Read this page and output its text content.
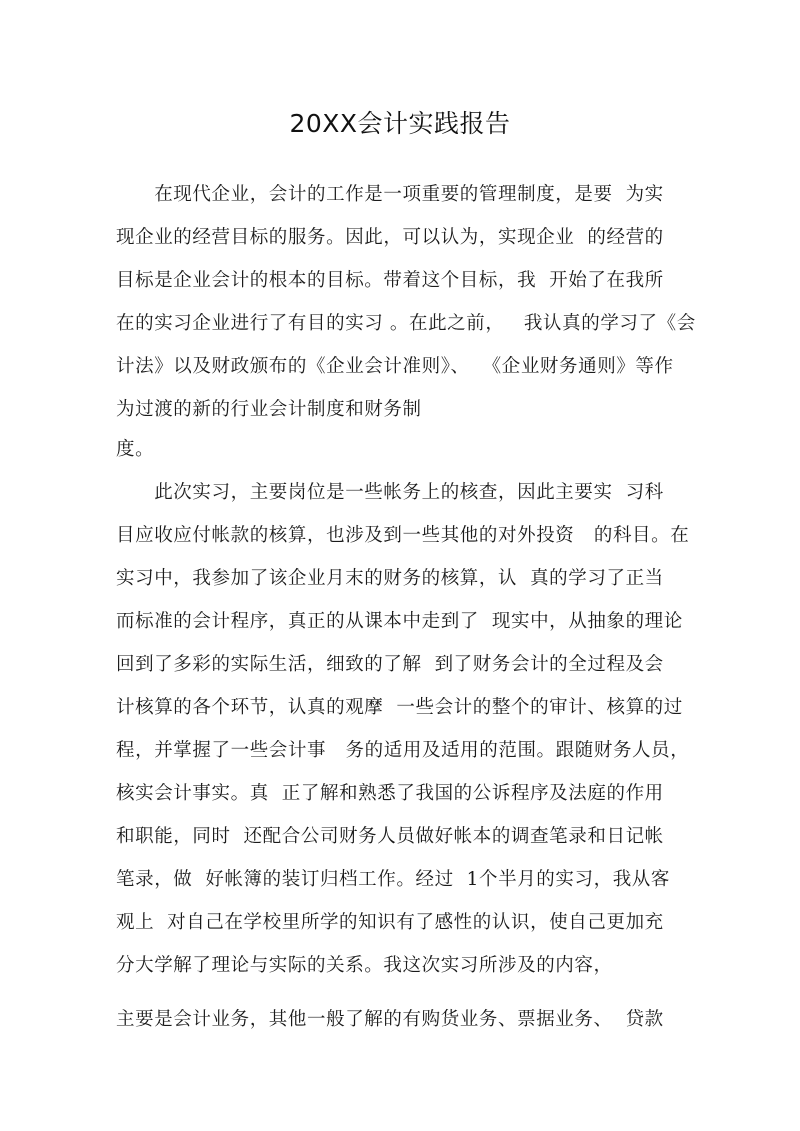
20XX会计实践报告
　　在现代企业，会计的工作是一项重要的管理制度，是要  为实
现企业的经营目标的服务。因此，可以认为，实现企业  的经营的
目标是企业会计的根本的目标。带着这个目标，我  开始了在我所
在的实习企业进行了有目的实习 。在此之前，   我认真的学习了《会
计法》以及财政颁布的《企业会计准则》、  《企业财务通则》等作
为过渡的新的行业会计制度和财务制
度。
　　此次实习，主要岗位是一些帐务上的核查，因此主要实  习科
目应收应付帐款的核算，也涉及到一些其他的对外投资   的科目。在
实习中，我参加了该企业月末的财务的核算，认  真的学习了正当
而标准的会计程序，真正的从课本中走到了  现实中，从抽象的理论
回到了多彩的实际生活，细致的了解  到了财务会计的全过程及会
计核算的各个环节，认真的观摩  一些会计的整个的审计、核算的过
程，并掌握了一些会计事   务的适用及适用的范围。跟随财务人员，
核实会计事实。真  正了解和熟悉了我国的公诉程序及法庭的作用
和职能，同时  还配合公司财务人员做好帐本的调查笔录和日记帐
笔录，做  好帐簿的装订归档工作。经过  1个半月的实习，我从客
观上  对自己在学校里所学的知识有了感性的认识，使自己更加充
分大学解了理论与实际的关系。我这次实习所涉及的内容，
主要是会计业务，其他一般了解的有购货业务、票据业务、  贷款
